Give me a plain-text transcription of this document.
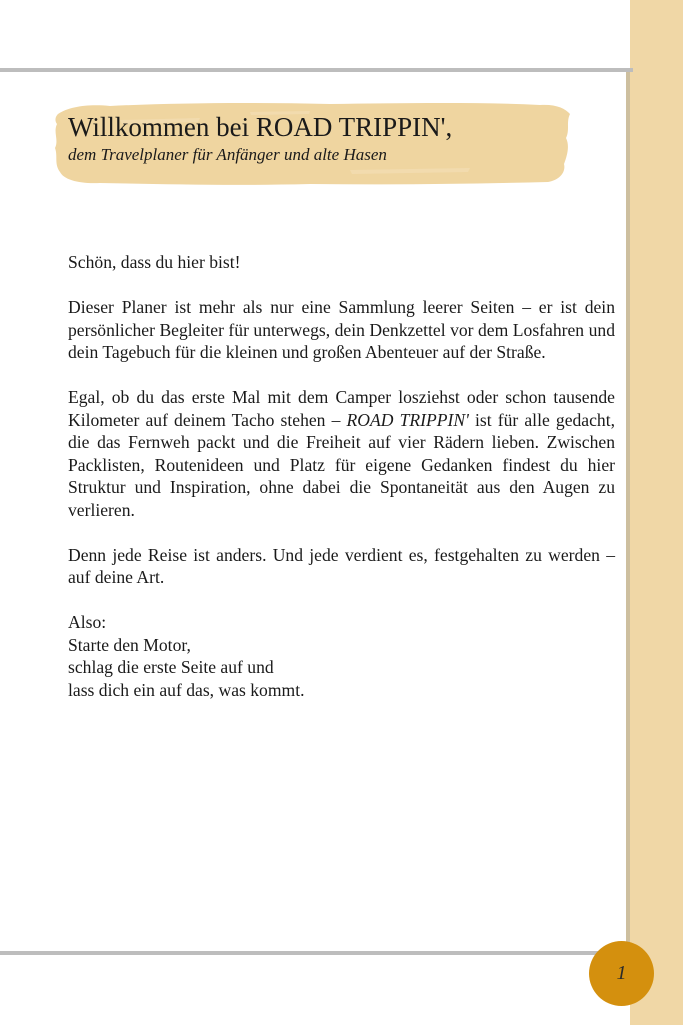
Willkommen bei ROAD TRIPPIN',

dem Travelplaner für Anfänger und alte Hasen

Schön, dass du hier bist!

Dieser Planer ist mehr als nur eine Sammlung leerer Seiten – er ist dein persönlicher Begleiter für unterwegs, dein Denkzettel vor dem Losfahren und dein Tagebuch für die kleinen und großen Abenteuer auf der Straße.

Egal, ob du das erste Mal mit dem Camper losziehst oder schon tausende Kilometer auf deinem Tacho stehen – ROAD TRIPPIN' ist für alle gedacht, die das Fernweh packt und die Freiheit auf vier Rädern lieben. Zwischen Packlisten, Routenideen und Platz für eigene Gedanken findest du hier Struktur und Inspiration, ohne dabei die Spontaneität aus den Augen zu verlieren.

Denn jede Reise ist anders. Und jede verdient es, festgehalten zu werden – auf deine Art.

Also:
Starte den Motor,
schlag die erste Seite auf und
lass dich ein auf das, was kommt.

1
